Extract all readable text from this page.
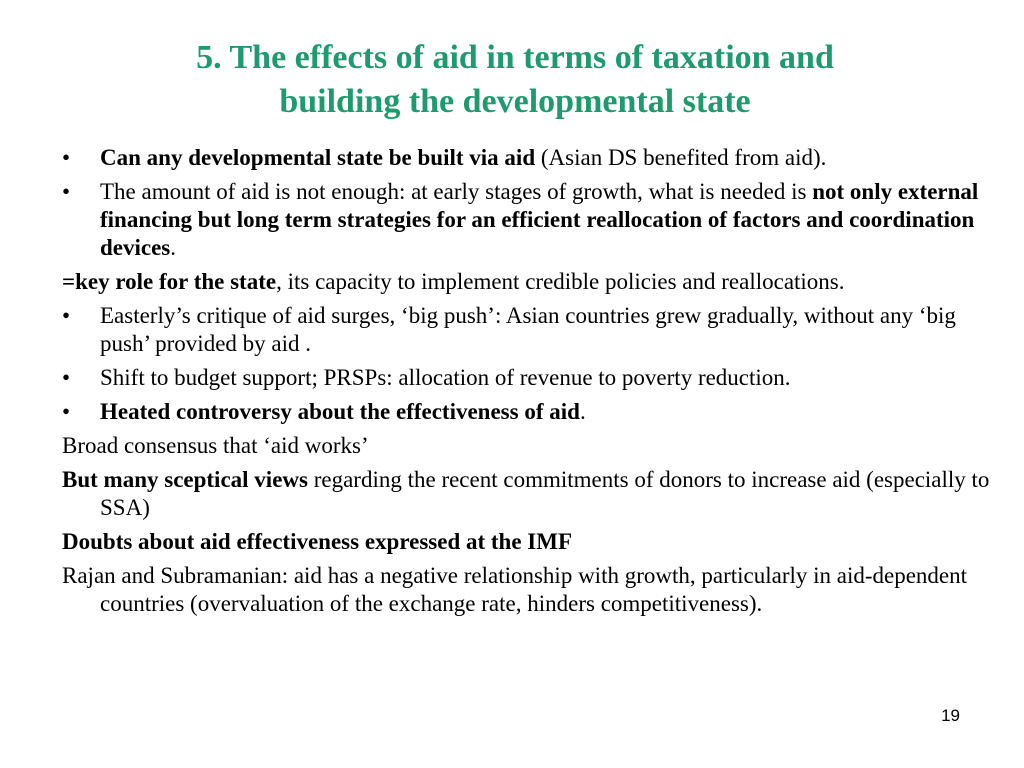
5. The effects of aid in terms of taxation and
building the developmental state

• Can any developmental state be built via aid (Asian DS benefited from aid).

• The amount of aid is not enough: at early stages of growth, what is needed is not only external financing but long term strategies for an efficient reallocation of factors and coordination devices.

=key role for the state, its capacity to implement credible policies and reallocations.

• Easterly’s critique of aid surges, ‘big push’: Asian countries grew gradually, without any ‘big push’ provided by aid .

• Shift to budget support; PRSPs: allocation of revenue to poverty reduction.

• Heated controversy about the effectiveness of aid.

Broad consensus that ‘aid works’

But many sceptical views regarding the recent commitments of donors to increase aid (especially to SSA)

Doubts about aid effectiveness expressed at the IMF

Rajan and Subramanian: aid has a negative relationship with growth, particularly in aid-dependent countries (overvaluation of the exchange rate, hinders competitiveness).

19
